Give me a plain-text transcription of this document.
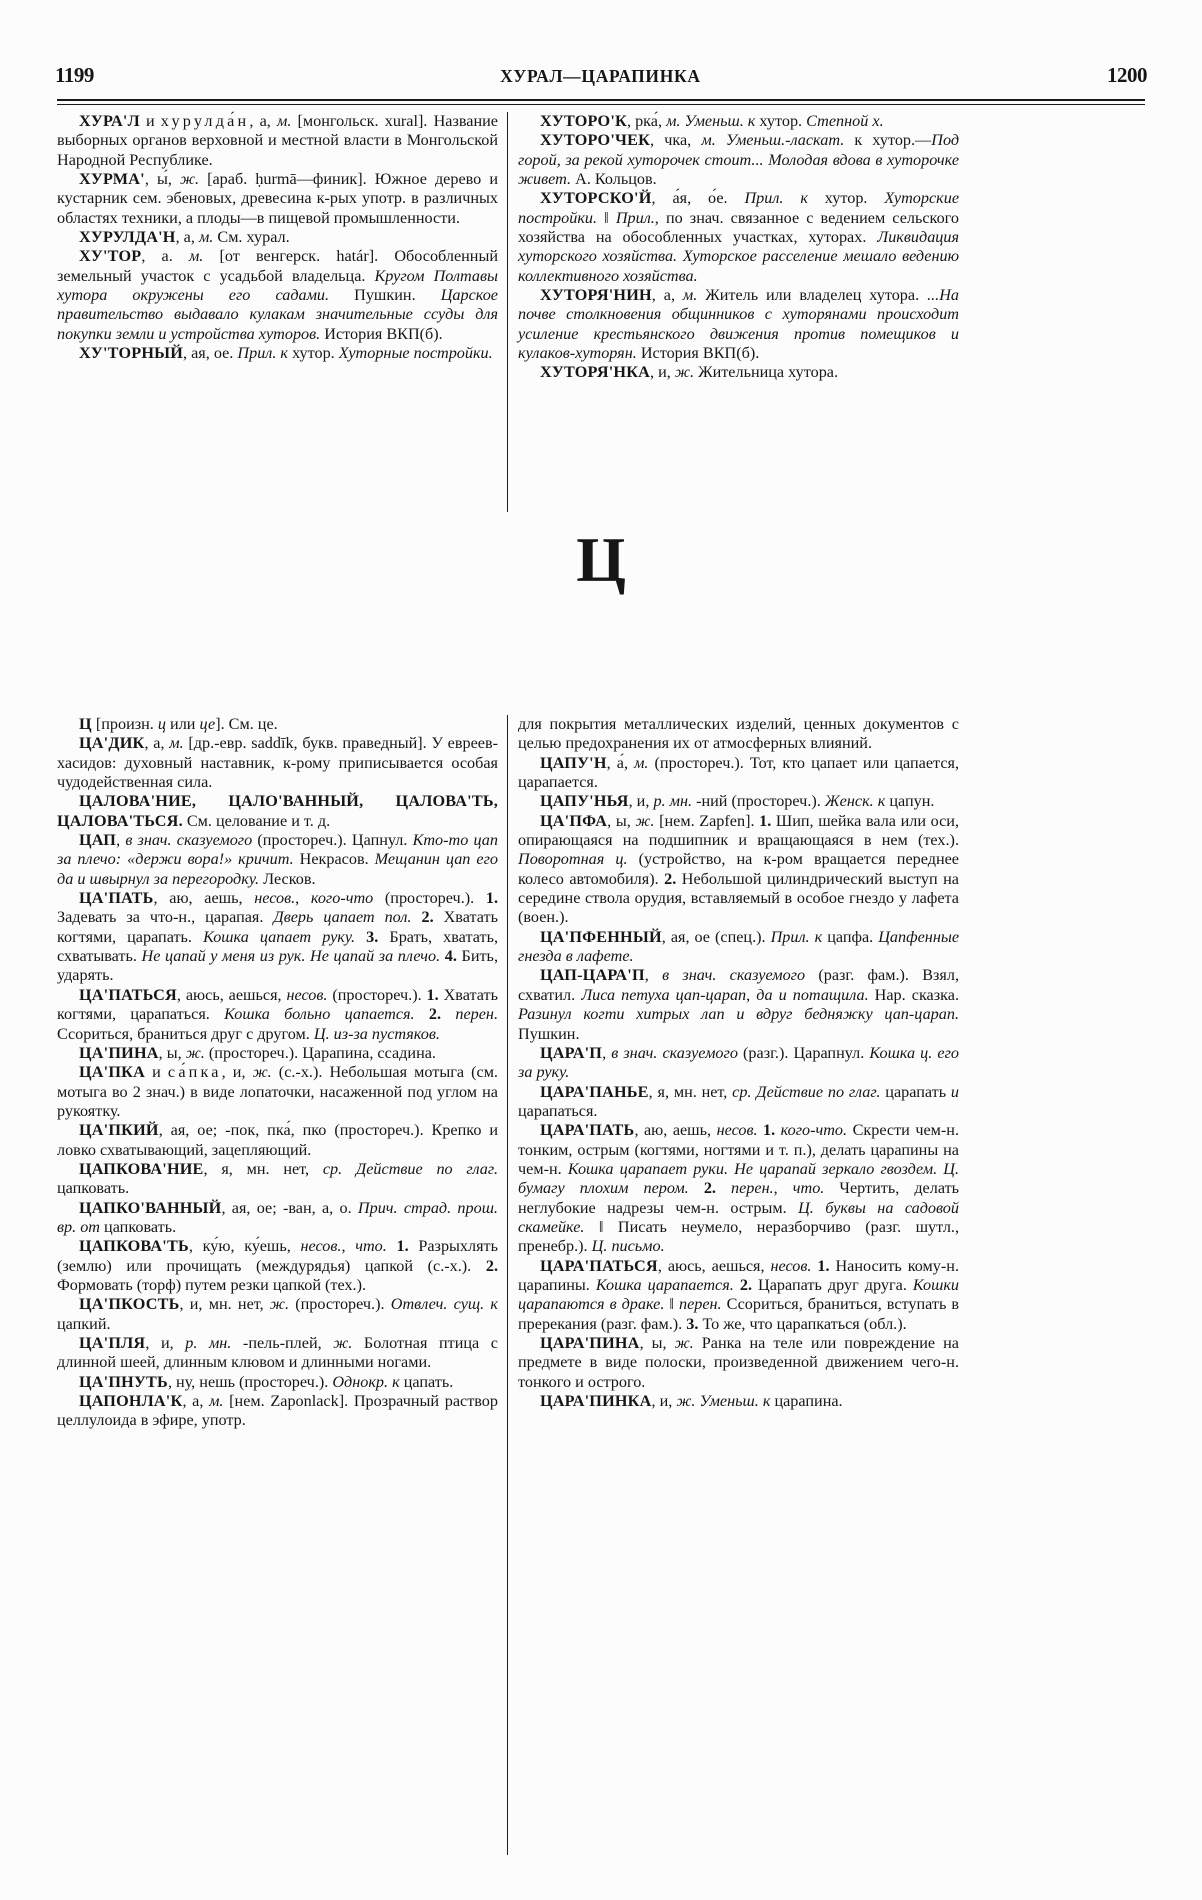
1199	ХУРАЛ—ЦАРАПИНКА	1200

ХУРА'Л и хурулда́н, а, м. [монгольск. xural]. Название выборных органов верховной и местной власти в Монгольской Народной Республике.

ХУРМА', ы́, ж. [араб. ḥurmā—финик]. Южное дерево и кустарник сем. эбеновых, древесина к-рых употр. в различных областях техники, а плоды—в пищевой промышленности.

ХУРУЛДА'Н, а, м. См. хурал.

ХУ'ТОР, а. м. [от венгерск. határ]. Обособленный земельный участок с усадьбой владельца. Кругом Полтавы хутора окружены его садами. Пушкин. Царское правительство выдавало кулакам значительные ссуды для покупки земли и устройства хуторов. История ВКП(б).

ХУ'ТОРНЫЙ, ая, ое. Прил. к хутор. Хуторные постройки.

ХУТОРО'К, рка́, м. Уменьш. к хутор. Степной х.

ХУТОРО'ЧЕК, чка, м. Уменьш.-ласкат. к хутор.—Под горой, за рекой хуторочек стоит... Молодая вдова в хуторочке живет. А. Кольцов.

ХУТОРСКО'Й, а́я, о́е. Прил. к хутор. Хуторские постройки. ǁ Прил., по знач. связанное с ведением сельского хозяйства на обособленных участках, хуторах. Ликвидация хуторского хозяйства. Хуторское расселение мешало ведению коллективного хозяйства.

ХУТОРЯ'НИН, а, м. Житель или владелец хутора. ...На почве столкновения общинников с хуторянами происходит усиление крестьянского движения против помещиков и кулаков-хуторян. История ВКП(б).

ХУТОРЯ'НКА, и, ж. Жительница хутора.

Ц

Ц [произн. ц или це]. См. це.

ЦА'ДИК, а, м. [др.-евр. saddīk, букв. праведный]. У евреев-хасидов: духовный наставник, к-рому приписывается особая чудодейственная сила.

ЦАЛОВА'НИЕ, ЦАЛО'ВАННЫЙ, ЦАЛОВА'ТЬ, ЦАЛОВА'ТЬСЯ. См. целование и т. д.

ЦАП, в знач. сказуемого (простореч.). Цапнул. Кто-то цап за плечо: «держи вора!» кричит. Некрасов. Мещанин цап его да и швырнул за перегородку. Лесков.

ЦА'ПАТЬ, аю, аешь, несов., кого-что (простореч.). 1. Задевать за что-н., царапая. Дверь цапает пол. 2. Хватать когтями, царапать. Кошка цапает руку. 3. Брать, хватать, схватывать. Не цапай у меня из рук. Не цапай за плечо. 4. Бить, ударять.

ЦА'ПАТЬСЯ, аюсь, аешься, несов. (простореч.). 1. Хватать когтями, царапаться. Кошка больно цапается. 2. перен. Ссориться, браниться друг с другом. Ц. из-за пустяков.

ЦА'ПИНА, ы, ж. (простореч.). Царапина, ссадина.

ЦА'ПКА и са́пка, и, ж. (с.-х.). Небольшая мотыга (см. мотыга во 2 знач.) в виде лопаточки, насаженной под углом на рукоятку.

ЦА'ПКИЙ, ая, ое; -пок, пка́, пко (простореч.). Крепко и ловко схватывающий, зацепляющий.

ЦАПКОВА'НИЕ, я, мн. нет, ср. Действие по глаг. цапковать.

ЦАПКО'ВАННЫЙ, ая, ое; -ван, а, о. Прич. страд. прош. вр. от цапковать.

ЦАПКОВА'ТЬ, ку́ю, ку́ешь, несов., что. 1. Разрыхлять (землю) или прочищать (междурядья) цапкой (с.-х.). 2. Формовать (торф) путем резки цапкой (тех.).

ЦА'ПКОСТЬ, и, мн. нет, ж. (простореч.). Отвлеч. сущ. к цапкий.

ЦА'ПЛЯ, и, р. мн. -пель-плей, ж. Болотная птица с длинной шеей, длинным клювом и длинными ногами.

ЦА'ПНУТЬ, ну, нешь (простореч.). Однокр. к цапать.

ЦАПОНЛА'К, а, м. [нем. Zaponlack]. Прозрачный раствор целлулоида в эфире, употр.

для покрытия металлических изделий, ценных документов с целью предохранения их от атмосферных влияний.

ЦАПУ'Н, а́, м. (простореч.). Тот, кто цапает или цапается, царапается.

ЦАПУ'НЬЯ, и, р. мн. -ний (простореч.). Женск. к цапун.

ЦА'ПФА, ы, ж. [нем. Zapfen]. 1. Шип, шейка вала или оси, опирающаяся на подшипник и вращающаяся в нем (тех.). Поворотная ц. (устройство, на к-ром вращается переднее колесо автомобиля). 2. Небольшой цилиндрический выступ на середине ствола орудия, вставляемый в особое гнездо у лафета (воен.).

ЦА'ПФЕННЫЙ, ая, ое (спец.). Прил. к цапфа. Цапфенные гнезда в лафете.

ЦАП-ЦАРА'П, в знач. сказуемого (разг. фам.). Взял, схватил. Лиса петуха цап-царап, да и потащила. Нар. сказка. Разинул когти хитрых лап и вдруг бедняжку цап-царап. Пушкин.

ЦАРА'П, в знач. сказуемого (разг.). Царапнул. Кошка ц. его за руку.

ЦАРА'ПАНЬЕ, я, мн. нет, ср. Действие по глаг. царапать и царапаться.

ЦАРА'ПАТЬ, аю, аешь, несов. 1. кого-что. Скрести чем-н. тонким, острым (когтями, ногтями и т. п.), делать царапины на чем-н. Кошка царапает руки. Не царапай зеркало гвоздем. Ц. бумагу плохим пером. 2. перен., что. Чертить, делать неглубокие надрезы чем-н. острым. Ц. буквы на садовой скамейке. ǁ Писать неумело, неразборчиво (разг. шутл., пренебр.). Ц. письмо.

ЦАРА'ПАТЬСЯ, аюсь, аешься, несов. 1. Наносить кому-н. царапины. Кошка царапается. 2. Царапать друг друга. Кошки царапаются в драке. ǁ перен. Ссориться, браниться, вступать в пререкания (разг. фам.). 3. То же, что царапкаться (обл.).

ЦАРА'ПИНА, ы, ж. Ранка на теле или повреждение на предмете в виде полоски, произведенной движением чего-н. тонкого и острого.

ЦАРА'ПИНКА, и, ж. Уменьш. к царапина.
